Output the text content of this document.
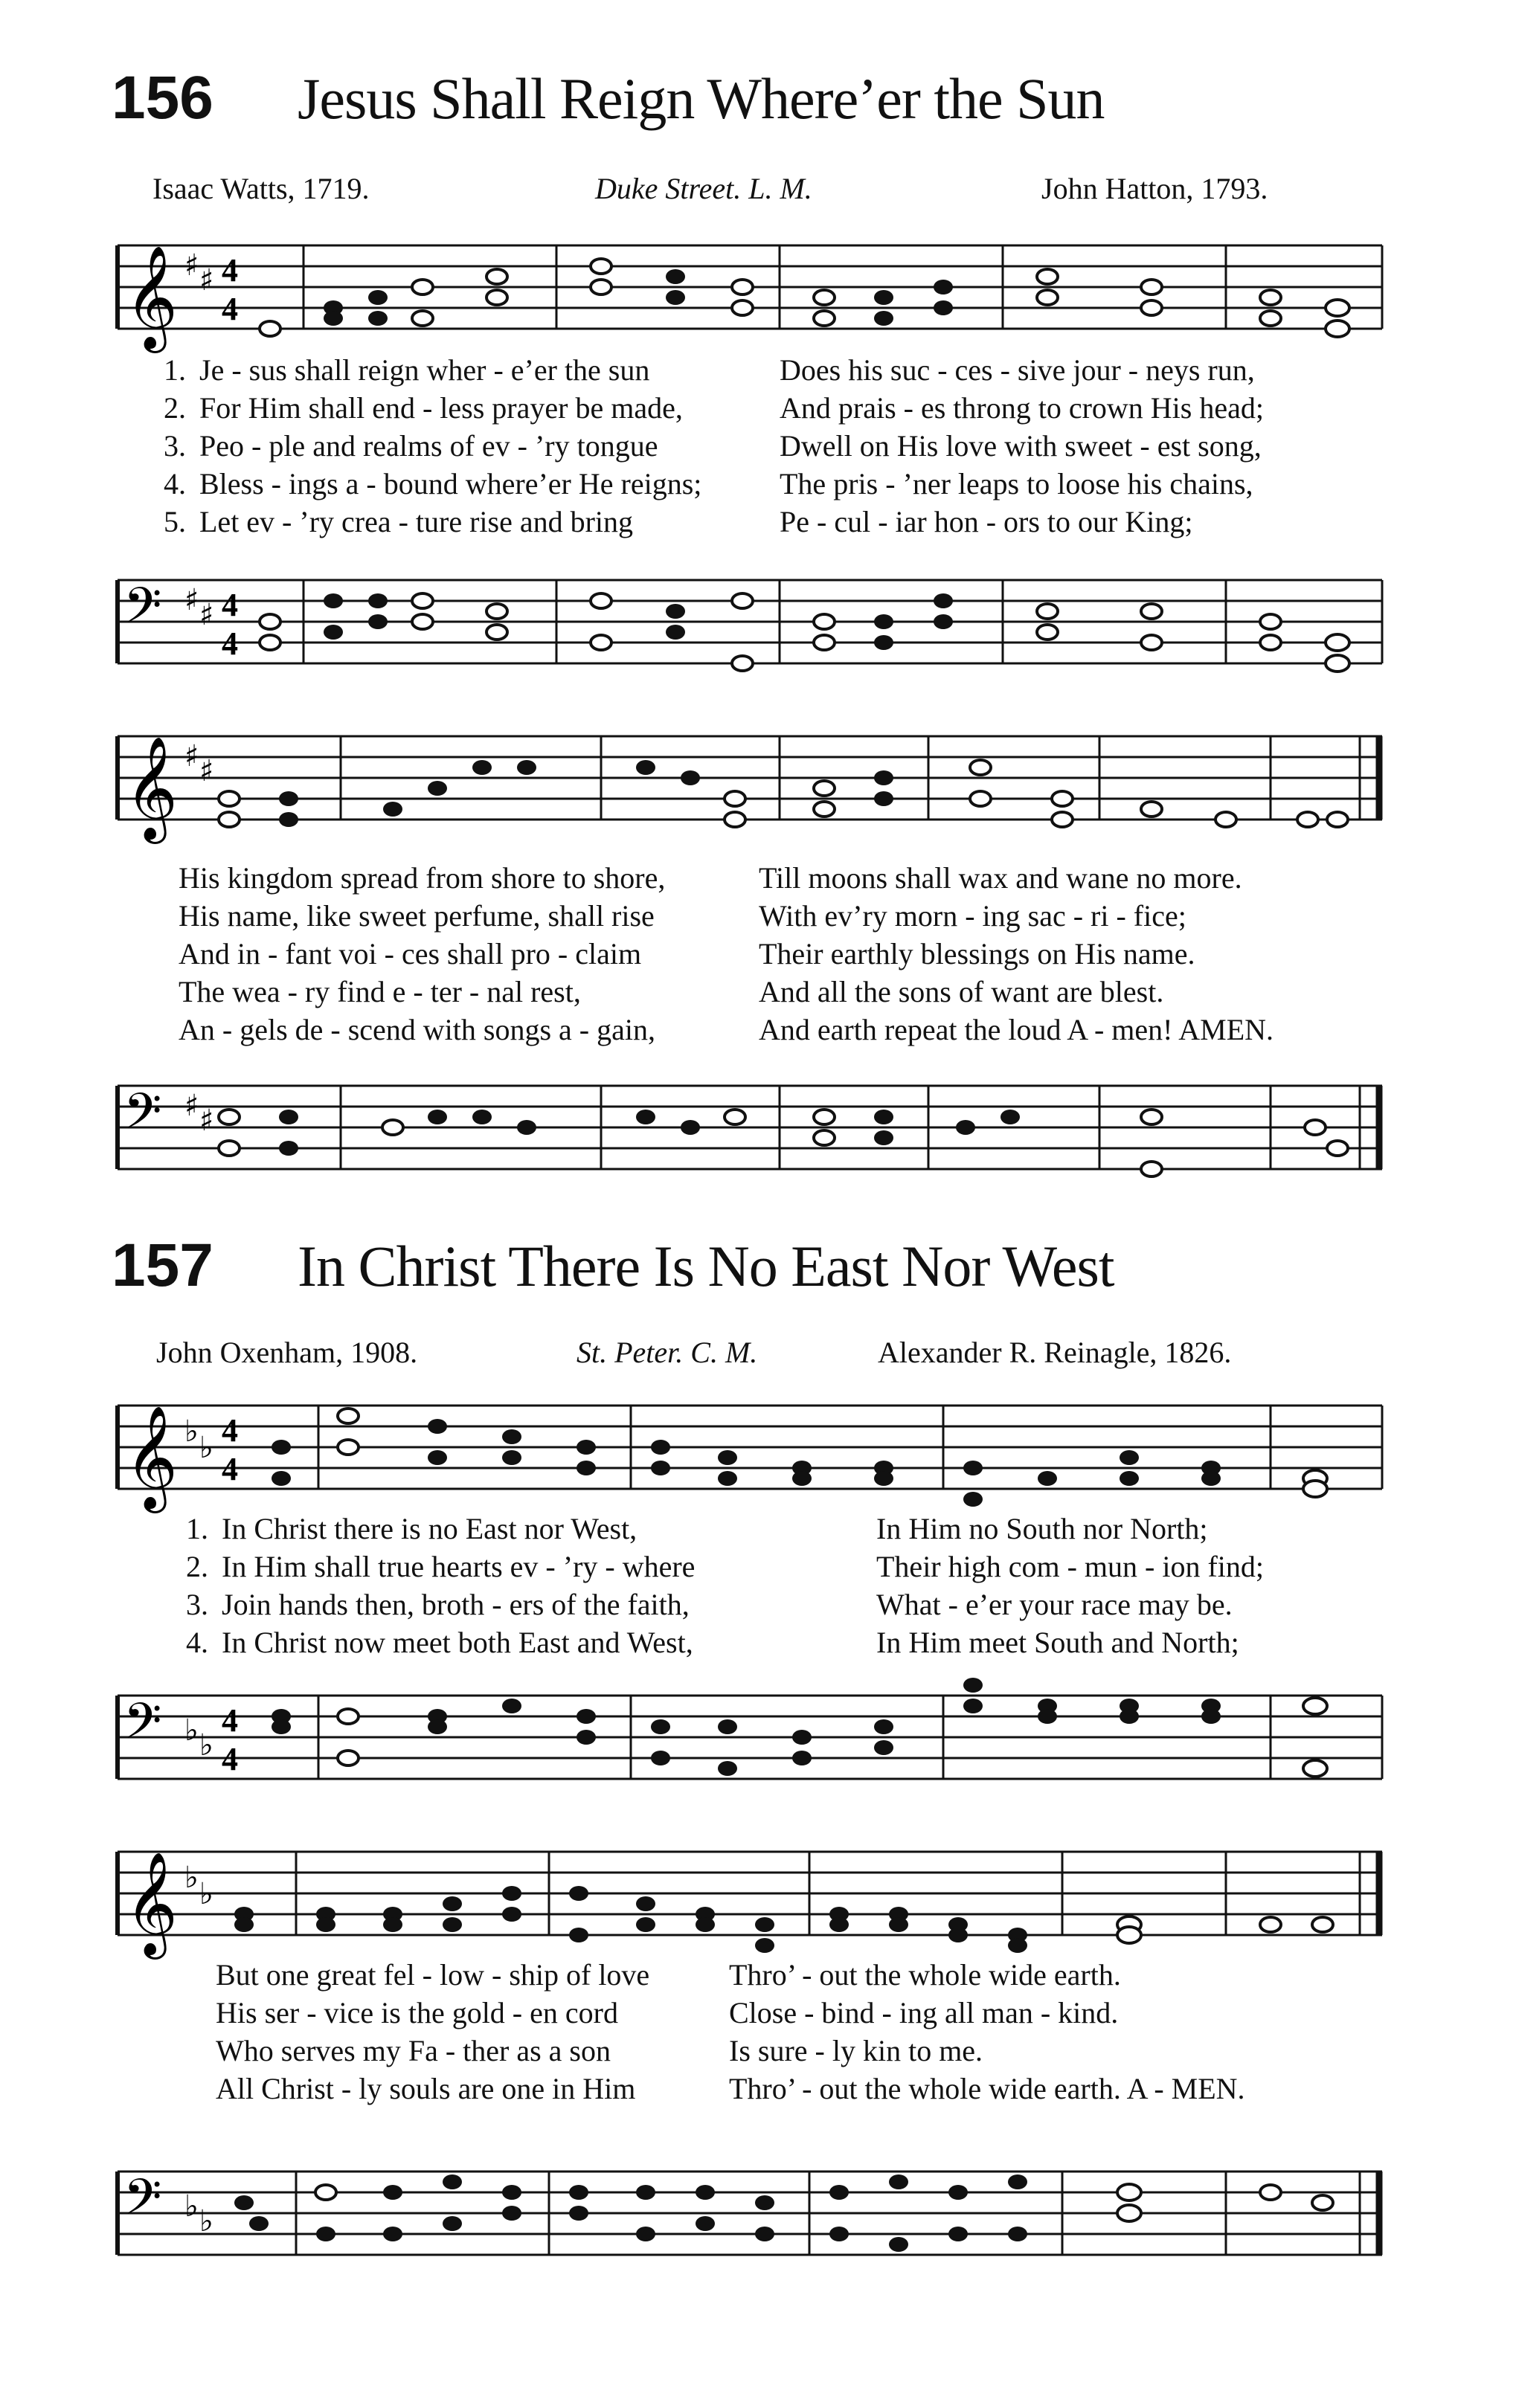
156	Jesus Shall Reign Where’er the Sun
Isaac Watts, 1719.	Duke Street. L. M.	John Hatton, 1793.
𝄞 ♯ ♯ 4
4
1. Je - sus shall reign wher - e’er the sun	Does his suc - ces - sive jour - neys run,
2. For Him shall end - less prayer be made,	And prais - es throng to crown His head;
3. Peo - ple and realms of ev - ’ry tongue	Dwell on His love with sweet - est song,
4. Bless - ings a - bound where’er He reigns;	The pris - ’ner leaps to loose his chains,
5. Let ev - ’ry crea - ture rise and bring	Pe - cul - iar hon - ors to our King;
𝄢 ♯ ♯ 4
4
𝄞 ♯ ♯
His kingdom spread from shore to shore,	Till moons shall wax and wane no more.
His name, like sweet perfume, shall rise	With ev’ry morn - ing sac - ri - fice;
And in - fant voi - ces shall pro - claim	Their earthly blessings on His name.
The wea - ry find e - ter - nal rest,	And all the sons of want are blest.
An - gels de - scend with songs a - gain,	And earth repeat the loud A - men! AMEN.
𝄢 ♯ ♯
157	In Christ There Is No East Nor West
John Oxenham, 1908.	St. Peter. C. M.	Alexander R. Reinagle, 1826.
𝄞 ♭ ♭ 4
4
1. In Christ there is no East nor West,	In Him no South nor North;
2. In Him shall true hearts ev - ’ry - where	Their high com - mun - ion find;
3. Join hands then, broth - ers of the faith,	What - e’er your race may be.
4. In Christ now meet both East and West,	In Him meet South and North;
𝄢 ♭ ♭
4
4
𝄞 ♭ ♭
But one great fel - low - ship of love	Thro’ - out the whole wide earth.
His ser - vice is the gold - en cord	Close - bind - ing all man - kind.
Who serves my Fa - ther as a son	Is sure - ly kin to me.
All Christ - ly souls are one in Him	Thro’ - out the whole wide earth. A - MEN.
𝄢 ♭ ♭
